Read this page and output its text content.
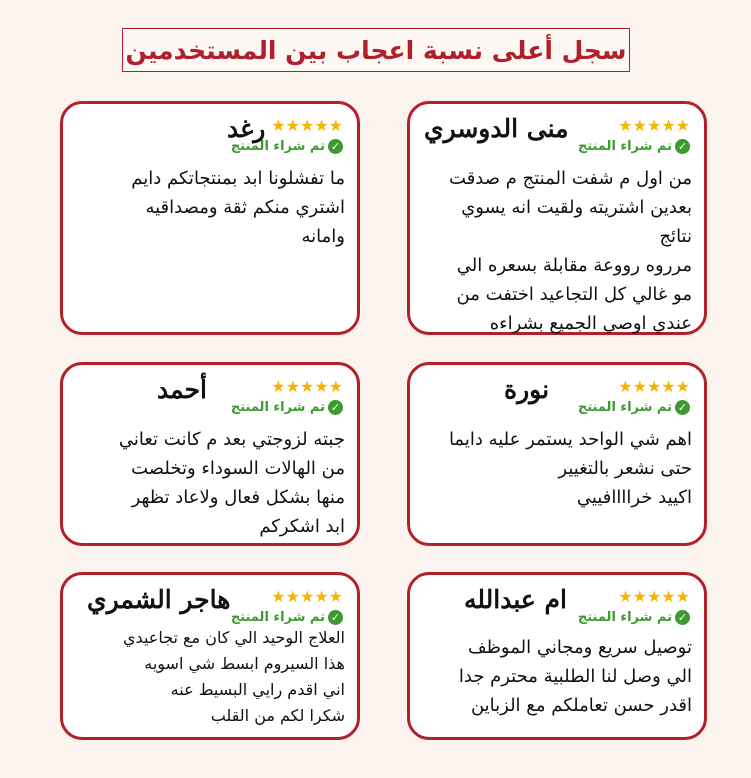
سجل أعلى نسبة اعجاب بين المستخدمين
★★★★★
✓
تم شراء المنتج
منى الدوسري
من اول م شفت المنتج م صدقت
بعدين اشتريته ولقيت انه يسوي
نتائج
مرروه رووعة مقابلة بسعره الي
مو غالي كل التجاعيد اختفت من
عندي اوصي الجميع بشراءه
★★★★★
✓
تم شراء المنتج
رغد
ما تفشلونا ابد بمنتجاتكم دايم
اشتري منكم ثقة ومصداقيه
وامانه
★★★★★
✓
تم شراء المنتج
نورة
اهم شي الواحد يستمر عليه دايما
حتى نشعر بالتغيير
اكييد خراااافييي
★★★★★
✓
تم شراء المنتج
أحمد
جبته لزوجتي بعد م كانت تعاني
من الهالات السوداء وتخلصت
منها بشكل فعال ولاعاد تظهر
ابد اشكركم
★★★★★
✓
تم شراء المنتج
ام عبدالله
توصيل سريع ومجاني الموظف
الي وصل لنا الطلبية محترم جدا
اقدر حسن تعاملكم مع الزباين
★★★★★
✓
تم شراء المنتج
هاجر الشمري
العلاج الوحيد الي كان مع تجاعيدي
هذا السيروم ابسط شي اسويه
اني اقدم رايي البسيط عنه
شكرا لكم من القلب
